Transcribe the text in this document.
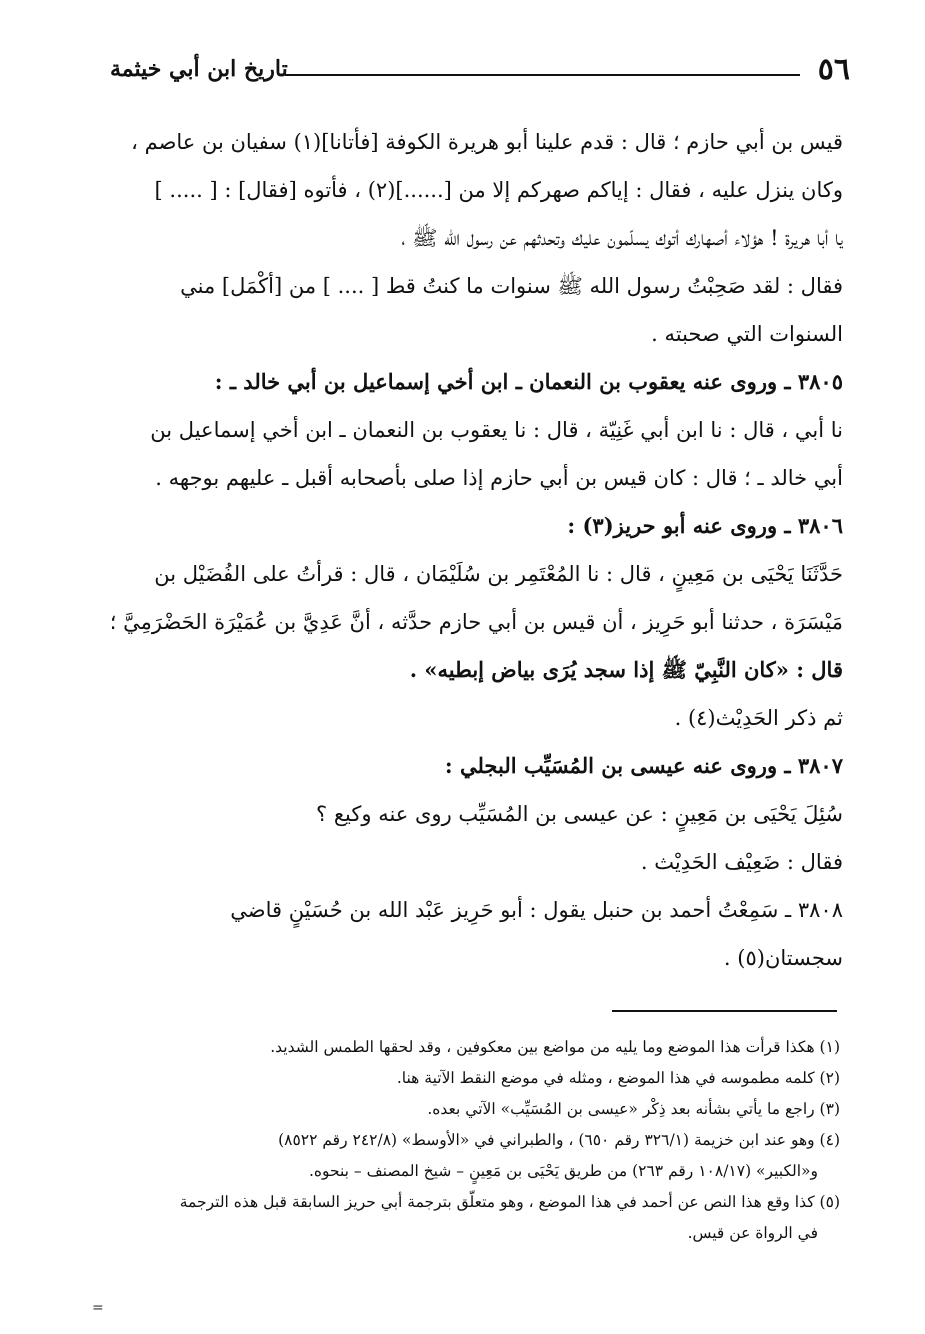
تاريخ ابن أبي خيثمة	٥٦
قيس بن أبي حازم ؛ قال : قدم علينا أبو هريرة الكوفة [فأتانا](١) سفيان بن عاصم ،
وكان ينزل عليه ، فقال : إياكم صهركم إلا من [......](٢) ، فأتوه [فقال] : [ ..... ]
يا أبا هريرة ! هؤلاء أصهارك أتوك يسلّمون عليك وتحدثهم عن رسول الله ﷺ ،
فقال : لقد صَحِبْتُ رسول الله ﷺ سنوات ما كنتُ قط [ .... ] من [أكْمَل] مني
السنوات التي صحبته .
٣٨٠٥ ـ وروى عنه يعقوب بن النعمان ـ ابن أخي إسماعيل بن أبي خالد ـ :
نا أبي ، قال : نا ابن أبي غَنِيّة ، قال : نا يعقوب بن النعمان ـ ابن أخي إسماعيل بن
أبي خالد ـ ؛ قال : كان قيس بن أبي حازم إذا صلى بأصحابه أقبل ـ عليهم بوجهه .
٣٨٠٦ ـ وروى عنه أبو حريز(٣) :
حَدَّثَنَا يَحْيَى بن مَعِينٍ ، قال : نا المُعْتَمِر بن سُلَيْمَان ، قال : قرأتُ على الفُضَيْل بن
مَيْسَرَة ، حدثنا أبو حَرِيز ، أن قيس بن أبي حازم حدَّثه ، أنَّ عَدِيَّ بن عُمَيْرَة الحَضْرَمِيَّ ؛
قال : «كان النَّبِيّ ﷺ إذا سجد يُرَى بياض إبطيه» .
ثم ذكر الحَدِيْث(٤) .
٣٨٠٧ ـ وروى عنه عيسى بن المُسَيِّب البجلي :
سُئِلَ يَحْيَى بن مَعِينٍ : عن عيسى بن المُسَيِّب روى عنه وكيع ؟
فقال : ضَعِيْف الحَدِيْث .
٣٨٠٨ ـ سَمِعْتُ أحمد بن حنبل يقول : أبو حَرِيز عَبْد الله بن حُسَيْنٍ قاضي
سجستان(٥) .
(١) هكذا قرأت هذا الموضع وما يليه من مواضع بين معكوفين ، وقد لحقها الطمس الشديد.
(٢) كلمه مطموسه في هذا الموضع ، ومثله في موضع النقط الآتية هنا.
(٣) راجع ما يأتي بشأنه بعد ذِكْر «عيسى بن المُسَيِّب» الآتي بعده.
(٤) وهو عند ابن خزيمة (٣٢٦/١ رقم ٦٥٠) ، والطبراني في «الأوسط» (٢٤٢/٨ رقم ٨٥٢٢)
و«الكبير» (١٠٨/١٧ رقم ٢٦٣) من طريق يَحْيَى بن مَعِينٍ – شيخ المصنف – بنحوه.
(٥) كذا وقع هذا النص عن أحمد في هذا الموضع ، وهو متعلّق بترجمة أبي حريز السابقة قبل هذه الترجمة
في الرواة عن قيس.
=
